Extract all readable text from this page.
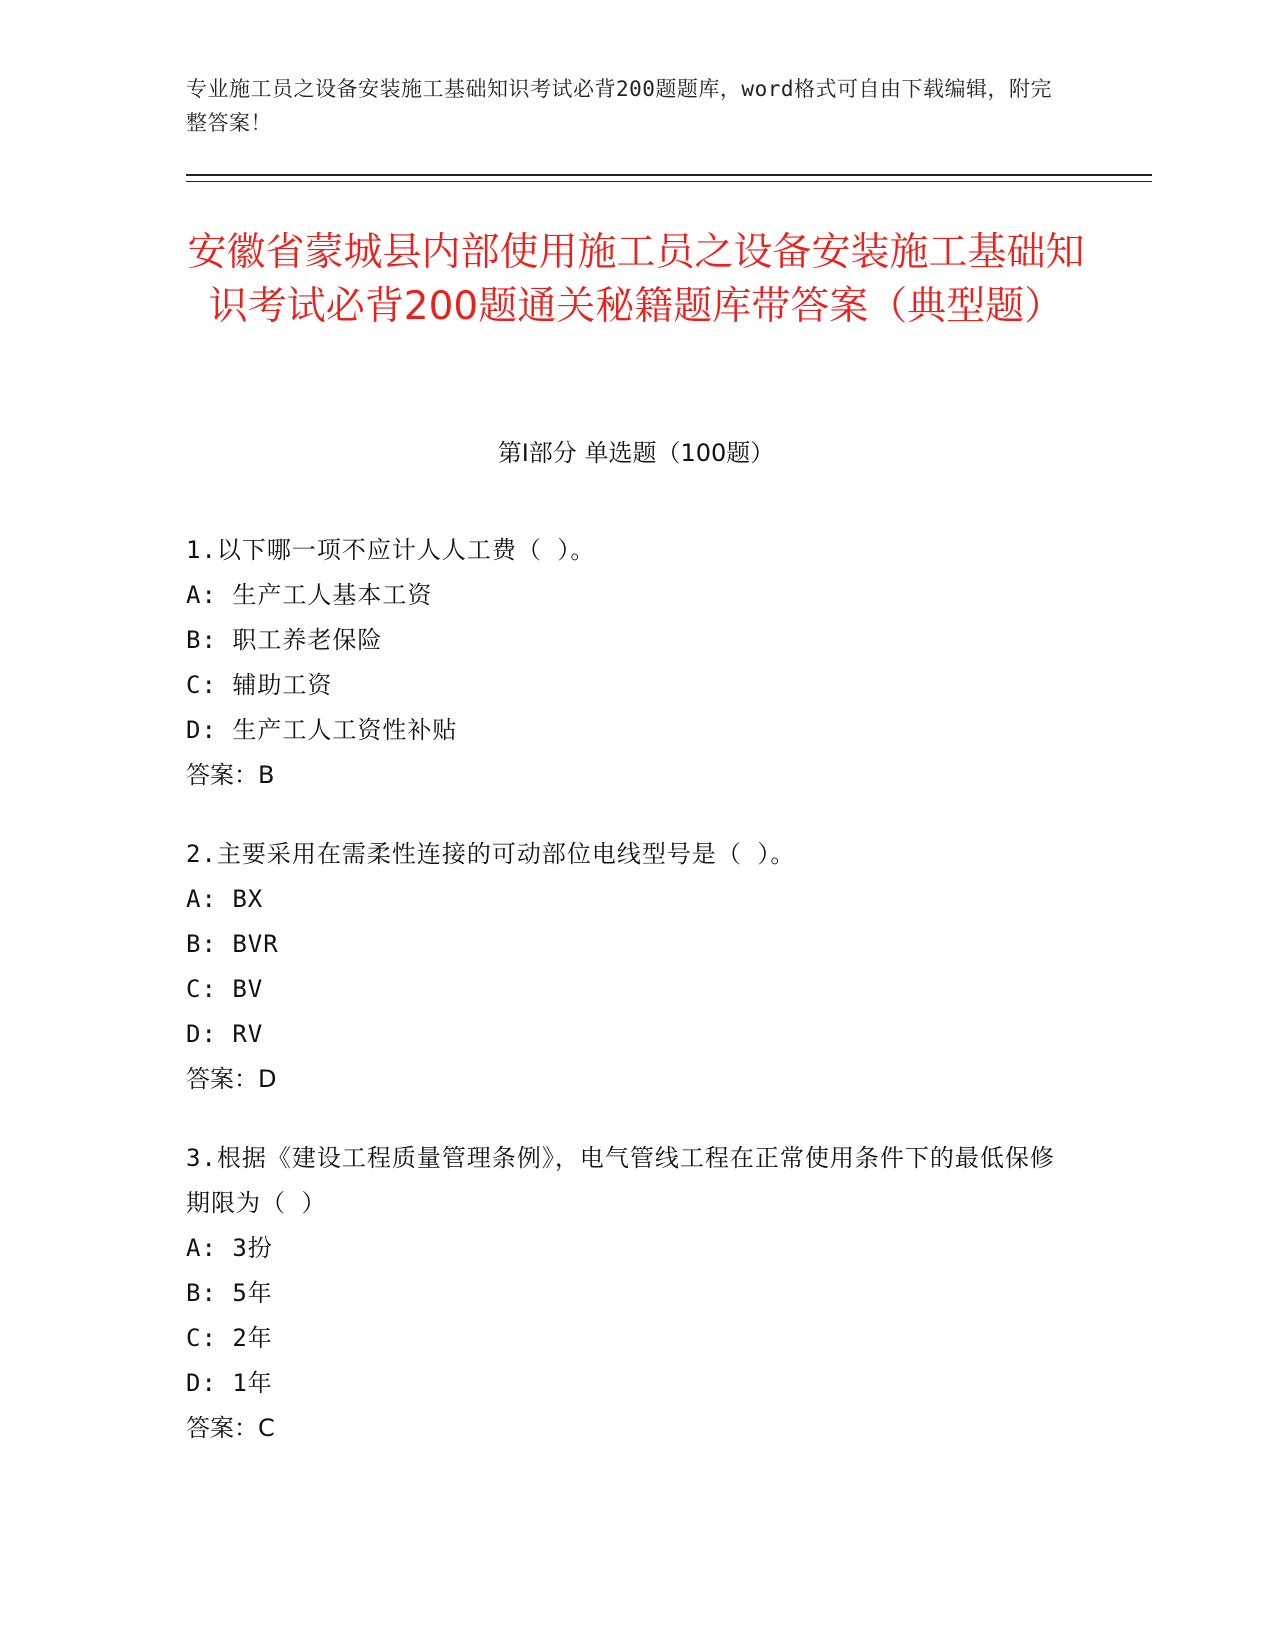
专业施工员之设备安装施工基础知识考试必背200题题库，word格式可自由下载编辑，附完整答案！
安徽省蒙城县内部使用施工员之设备安装施工基础知识考试必背200题通关秘籍题库带答案（典型题）
第Ⅰ部分 单选题（100题）
1.以下哪一项不应计人人工费（ ）。
A: 生产工人基本工资
B: 职工养老保险
C: 辅助工资
D: 生产工人工资性补贴
答案：B
2.主要采用在需柔性连接的可动部位电线型号是（ ）。
A: BX
B: BVR
C: BV
D: RV
答案：D
3.根据《建设工程质量管理条例》，电气管线工程在正常使用条件下的最低保修期限为（ ）
A: 3扮
B: 5年
C: 2年
D: 1年
答案：C
